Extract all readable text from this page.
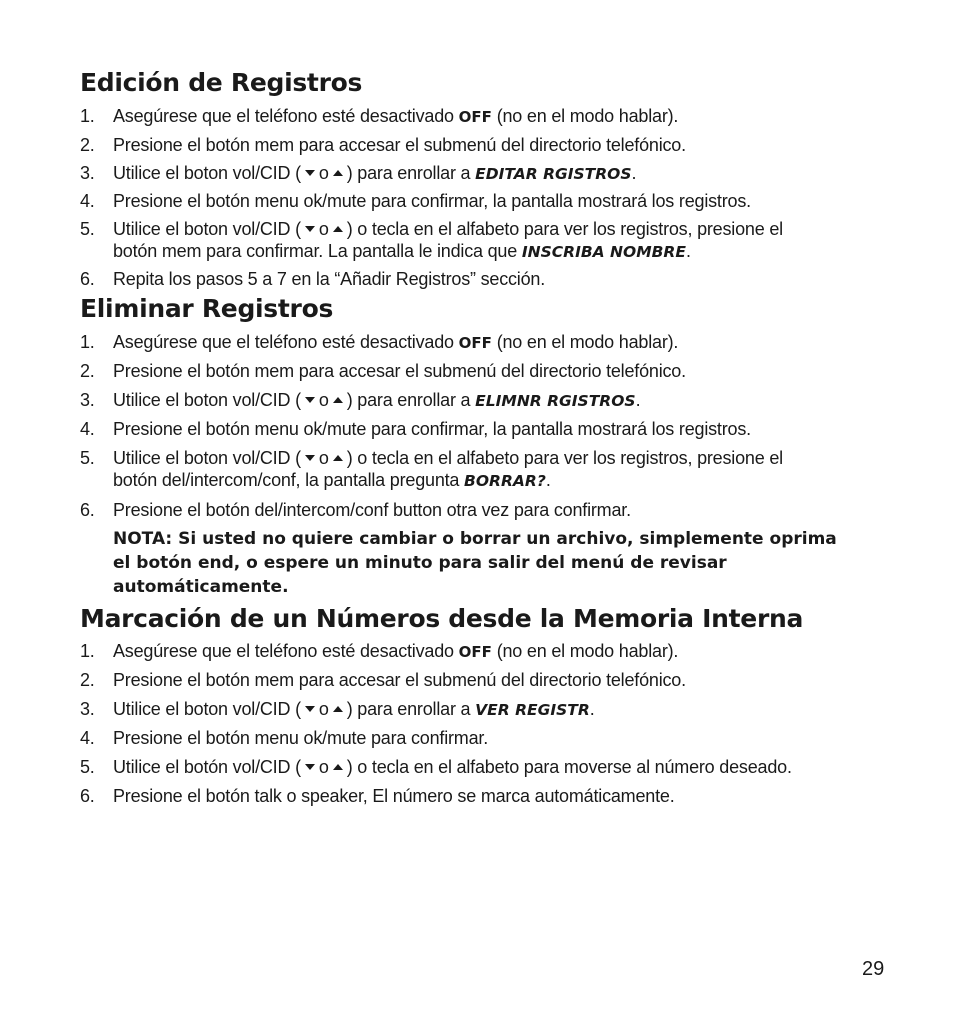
Edición de Registros
1.	Asegúrese que el teléfono esté desactivado OFF (no en el modo hablar).
2.	Presione el botón mem para accesar el submenú del directorio telefónico.
3.	Utilice el boton vol/CID ( o ) para enrollar a EDITAR RGISTROS.
4.	Presione el botón menu ok/mute para confirmar, la pantalla mostrará los registros.
5.	Utilice el boton vol/CID ( o ) o tecla en el alfabeto para ver los registros, presione el
botón mem para confirmar. La pantalla le indica que INSCRIBA NOMBRE.
6.	Repita los pasos 5 a 7 en la “Añadir Registros” sección.
Eliminar Registros
1.	Asegúrese que el teléfono esté desactivado OFF (no en el modo hablar).
2.	Presione el botón mem para accesar el submenú del directorio telefónico.
3.	Utilice el boton vol/CID ( o ) para enrollar a ELIMNR RGISTROS.
4.	Presione el botón menu ok/mute para confirmar, la pantalla mostrará los registros.
5.	Utilice el boton vol/CID ( o ) o tecla en el alfabeto para ver los registros, presione el
botón del/intercom/conf, la pantalla pregunta BORRAR?.
6.	Presione el botón del/intercom/conf button otra vez para confirmar.
NOTA: Si usted no quiere cambiar o borrar un archivo, simplemente oprima el botón end, o espere un minuto para salir del menú de revisar automáticamente.
Marcación de un Números desde la Memoria Interna
1.	Asegúrese que el teléfono esté desactivado OFF (no en el modo hablar).
2.	Presione el botón mem para accesar el submenú del directorio telefónico.
3.	Utilice el boton vol/CID ( o ) para enrollar a VER REGISTR.
4.	Presione el botón menu ok/mute para confirmar.
5.	Utilice el botón vol/CID ( o ) o tecla en el alfabeto para moverse al número deseado.
6.	Presione el botón talk o speaker, El número se marca automáticamente.
29
